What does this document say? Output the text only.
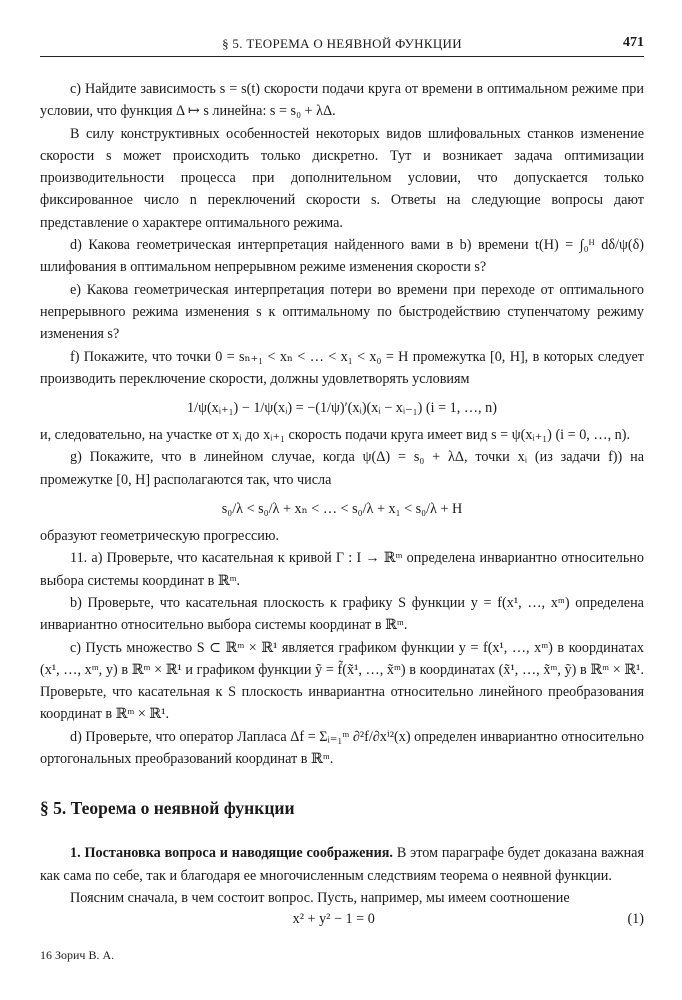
§ 5. ТЕОРЕМА О НЕЯВНОЙ ФУНКЦИИ	471

c) Найдите зависимость s = s(t) скорости подачи круга от времени в оптимальном режиме при условии, что функция Δ ↦ s линейна: s = s₀ + λΔ.

В силу конструктивных особенностей некоторых видов шлифовальных станков изменение скорости s может происходить только дискретно. Тут и возникает задача оптимизации производительности процесса при дополнительном условии, что допускается только фиксированное число n переключений скорости s. Ответы на следующие вопросы дают представление о характере оптимального режима.

d) Какова геометрическая интерпретация найденного вами в b) времени t(H) = ∫₀ᴴ dδ/ψ(δ) шлифования в оптимальном непрерывном режиме изменения скорости s?

e) Какова геометрическая интерпретация потери во времени при переходе от оптимального непрерывного режима изменения s к оптимальному по быстродействию ступенчатому режиму изменения s?

f) Покажите, что точки 0 = sₙ₊₁ < xₙ < … < x₁ < x₀ = H промежутка [0, H], в которых следует производить переключение скорости, должны удовлетворять условиям

1/ψ(xᵢ₊₁) − 1/ψ(xᵢ) = −(1/ψ)′(xᵢ)(xᵢ − xᵢ₋₁) (i = 1, …, n)

и, следовательно, на участке от xᵢ до xᵢ₊₁ скорость подачи круга имеет вид s = ψ(xᵢ₊₁) (i = 0, …, n).

g) Покажите, что в линейном случае, когда ψ(Δ) = s₀ + λΔ, точки xᵢ (из задачи f)) на промежутке [0, H] располагаются так, что числа

s₀/λ < s₀/λ + xₙ < … < s₀/λ + x₁ < s₀/λ + H

образуют геометрическую прогрессию.

11. a) Проверьте, что касательная к кривой Γ : I → ℝᵐ определена инвариантно относительно выбора системы координат в ℝᵐ.

b) Проверьте, что касательная плоскость к графику S функции y = f(x¹, …, xᵐ) определена инвариантно относительно выбора системы координат в ℝᵐ.

c) Пусть множество S ⊂ ℝᵐ × ℝ¹ является графиком функции y = f(x¹, …, xᵐ) в координатах (x¹, …, xᵐ, y) в ℝᵐ × ℝ¹ и графиком функции ỹ = f̃(x̃¹, …, x̃ᵐ) в координатах (x̃¹, …, x̃ᵐ, ỹ) в ℝᵐ × ℝ¹. Проверьте, что касательная к S плоскость инвариантна относительно линейного преобразования координат в ℝᵐ × ℝ¹.

d) Проверьте, что оператор Лапласа Δf = Σᵢ₌₁ᵐ ∂²f/∂xⁱ²(x) определен инвариантно относительно ортогональных преобразований координат в ℝᵐ.

§ 5. Теорема о неявной функции

1. Постановка вопроса и наводящие соображения. В этом параграфе будет доказана важная как сама по себе, так и благодаря ее многочисленным следствиям теорема о неявной функции.

Поясним сначала, в чем состоит вопрос. Пусть, например, мы имеем соотношение

x² + y² − 1 = 0	(1)

16 Зорич В. А.
